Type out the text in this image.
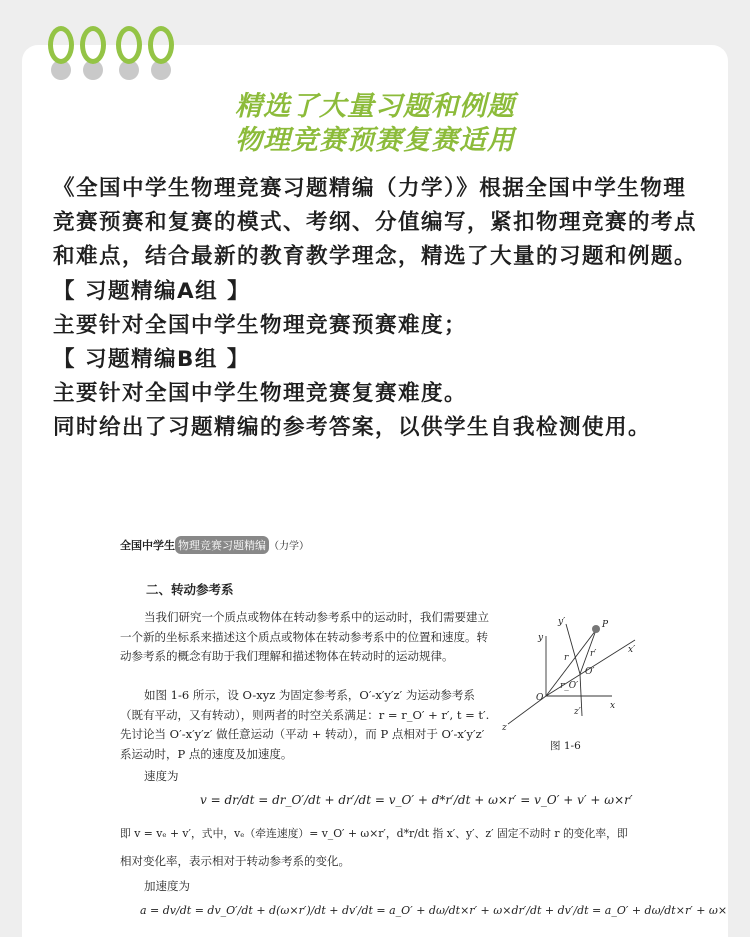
精选了大量习题和例题
物理竞赛预赛复赛适用

《全国中学生物理竞赛习题精编（力学）》根据全国中学生物理竞赛预赛和复赛的模式、考纲、分值编写，紧扣物理竞赛的考点和难点，结合最新的教育教学理念，精选了大量的习题和例题。

【 习题精编A组 】

主要针对全国中学生物理竞赛预赛难度；

【 习题精编B组 】

主要针对全国中学生物理竞赛复赛难度。

同时给出了习题精编的参考答案，以供学生自我检测使用。

全国中学生 物理竞赛习题精编 （力学）
二、转动参考系

当我们研究一个质点或物体在转动参考系中的运动时，我们需要建立一个新的坐标系来描述这个质点或物体在转动参考系中的位置和速度。转动参考系的概念有助于我们理解和描述物体在转动时的运动规律。

如图 1-6 所示，设 O-xyz 为固定参考系，O′-x′y′z′ 为运动参考系（既有平动，又有转动），则两者的时空关系满足：r = r_O′ + r′, t = t′. 先讨论当 O′-x′y′z′ 做任意运动（平动 + 转动），而 P 点相对于 O′-x′y′z′ 系运动时，P 点的速度及加速度。

速度为
v = dr/dt = dr_O′/dt + dr′/dt = v_O′ + d*r′/dt + ω×r′ = v_O′ + v′ + ω×r′
即 v = vₑ + v′，式中，vₑ（牵连速度）= v_O′ + ω×r′，d*r/dt 指 x′、y′、z′ 固定不动时 r 的变化率，即
相对变化率，表示相对于转动参考系的变化。
加速度为
a = dv/dt = dv_O′/dt + d(ω×r′)/dt + dv′/dt = a_O′ + dω/dt×r′ + ω×dr′/dt + dv′/dt = a_O′ + dω/dt×r′ + ω×
P
O
O′
x
y
z
x′
y′
z′
r r′
r_O′
图 1-6
